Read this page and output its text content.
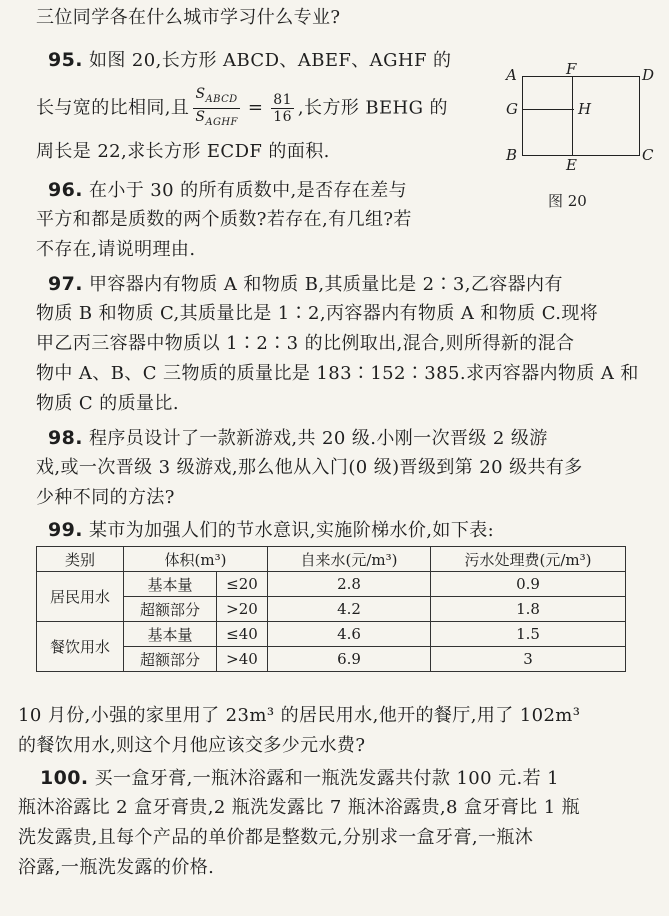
三位同学各在什么城市学习什么专业?
95. 如图 20,长方形 ABCD、ABEF、AGHF 的
长与宽的比相同,且 $\frac{S_{ABCD}}{S_{AGHF}} = \frac{81}{16}$ ,长方形 BEHG 的
周长是 22,求长方形 ECDF 的面积.
A	F	D
G	H
B
E
C
图 20
96. 在小于 30 的所有质数中,是否存在差与
平方和都是质数的两个质数?若存在,有几组?若
不存在,请说明理由.
97. 甲容器内有物质 A 和物质 B,其质量比是 2∶3,乙容器内有
物质 B 和物质 C,其质量比是 1∶2,丙容器内有物质 A 和物质 C.现将
甲乙丙三容器中物质以 1∶2∶3 的比例取出,混合,则所得新的混合
物中 A、B、C 三物质的质量比是 183∶152∶385.求丙容器内物质 A 和
物质 C 的质量比.
98. 程序员设计了一款新游戏,共 20 级.小刚一次晋级 2 级游
戏,或一次晋级 3 级游戏,那么他从入门(0 级)晋级到第 20 级共有多
少种不同的方法?
99. 某市为加强人们的节水意识,实施阶梯水价,如下表:
类别	体积(m³)		自来水(元/m³)	污水处理费(元/m³)
居民用水	基本量	≤20	2.8	0.9
	超额部分	>20	4.2	1.8
餐饮用水	基本量	≤40	4.6	1.5
	超额部分	>40	6.9	3
10 月份,小强的家里用了 23m³ 的居民用水,他开的餐厅,用了 102m³
的餐饮用水,则这个月他应该交多少元水费?
100. 买一盒牙膏,一瓶沐浴露和一瓶洗发露共付款 100 元.若 1
瓶沐浴露比 2 盒牙膏贵,2 瓶洗发露比 7 瓶沐浴露贵,8 盒牙膏比 1 瓶
洗发露贵,且每个产品的单价都是整数元,分别求一盒牙膏,一瓶沐
浴露,一瓶洗发露的价格.
